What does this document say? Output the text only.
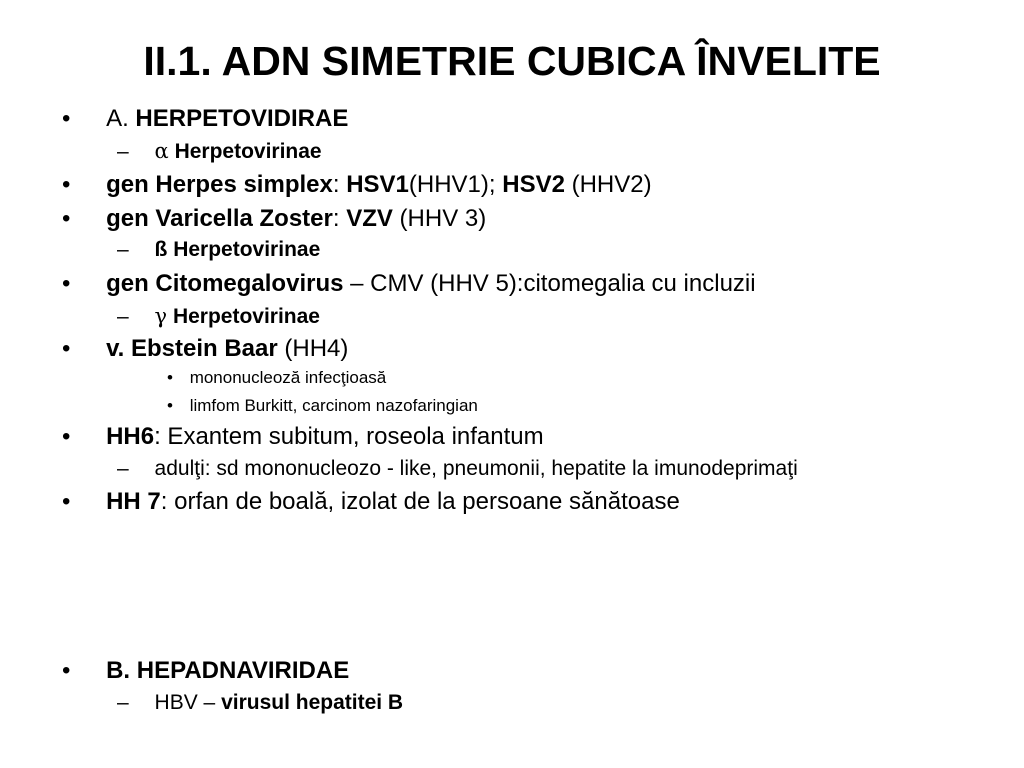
II.1. ADN SIMETRIE CUBICA ÎNVELITE
• A. HERPETOVIDIRAE
– α Herpetovirinae
• gen Herpes simplex: HSV1(HHV1); HSV2 (HHV2)
• gen Varicella Zoster: VZV (HHV 3)
– ß Herpetovirinae
• gen Citomegalovirus – CMV (HHV 5):citomegalia cu incluzii
– γ Herpetovirinae
• v. Ebstein Baar (HH4)
• mononucleoză infecţioasă
• limfom Burkitt, carcinom nazofaringian
• HH6: Exantem subitum, roseola infantum
– adulţi: sd mononucleozo - like, pneumonii, hepatite la imunodeprimaţi
• HH 7: orfan de boală, izolat de la persoane sănătoase
• B. HEPADNAVIRIDAE
– HBV – virusul hepatitei B
